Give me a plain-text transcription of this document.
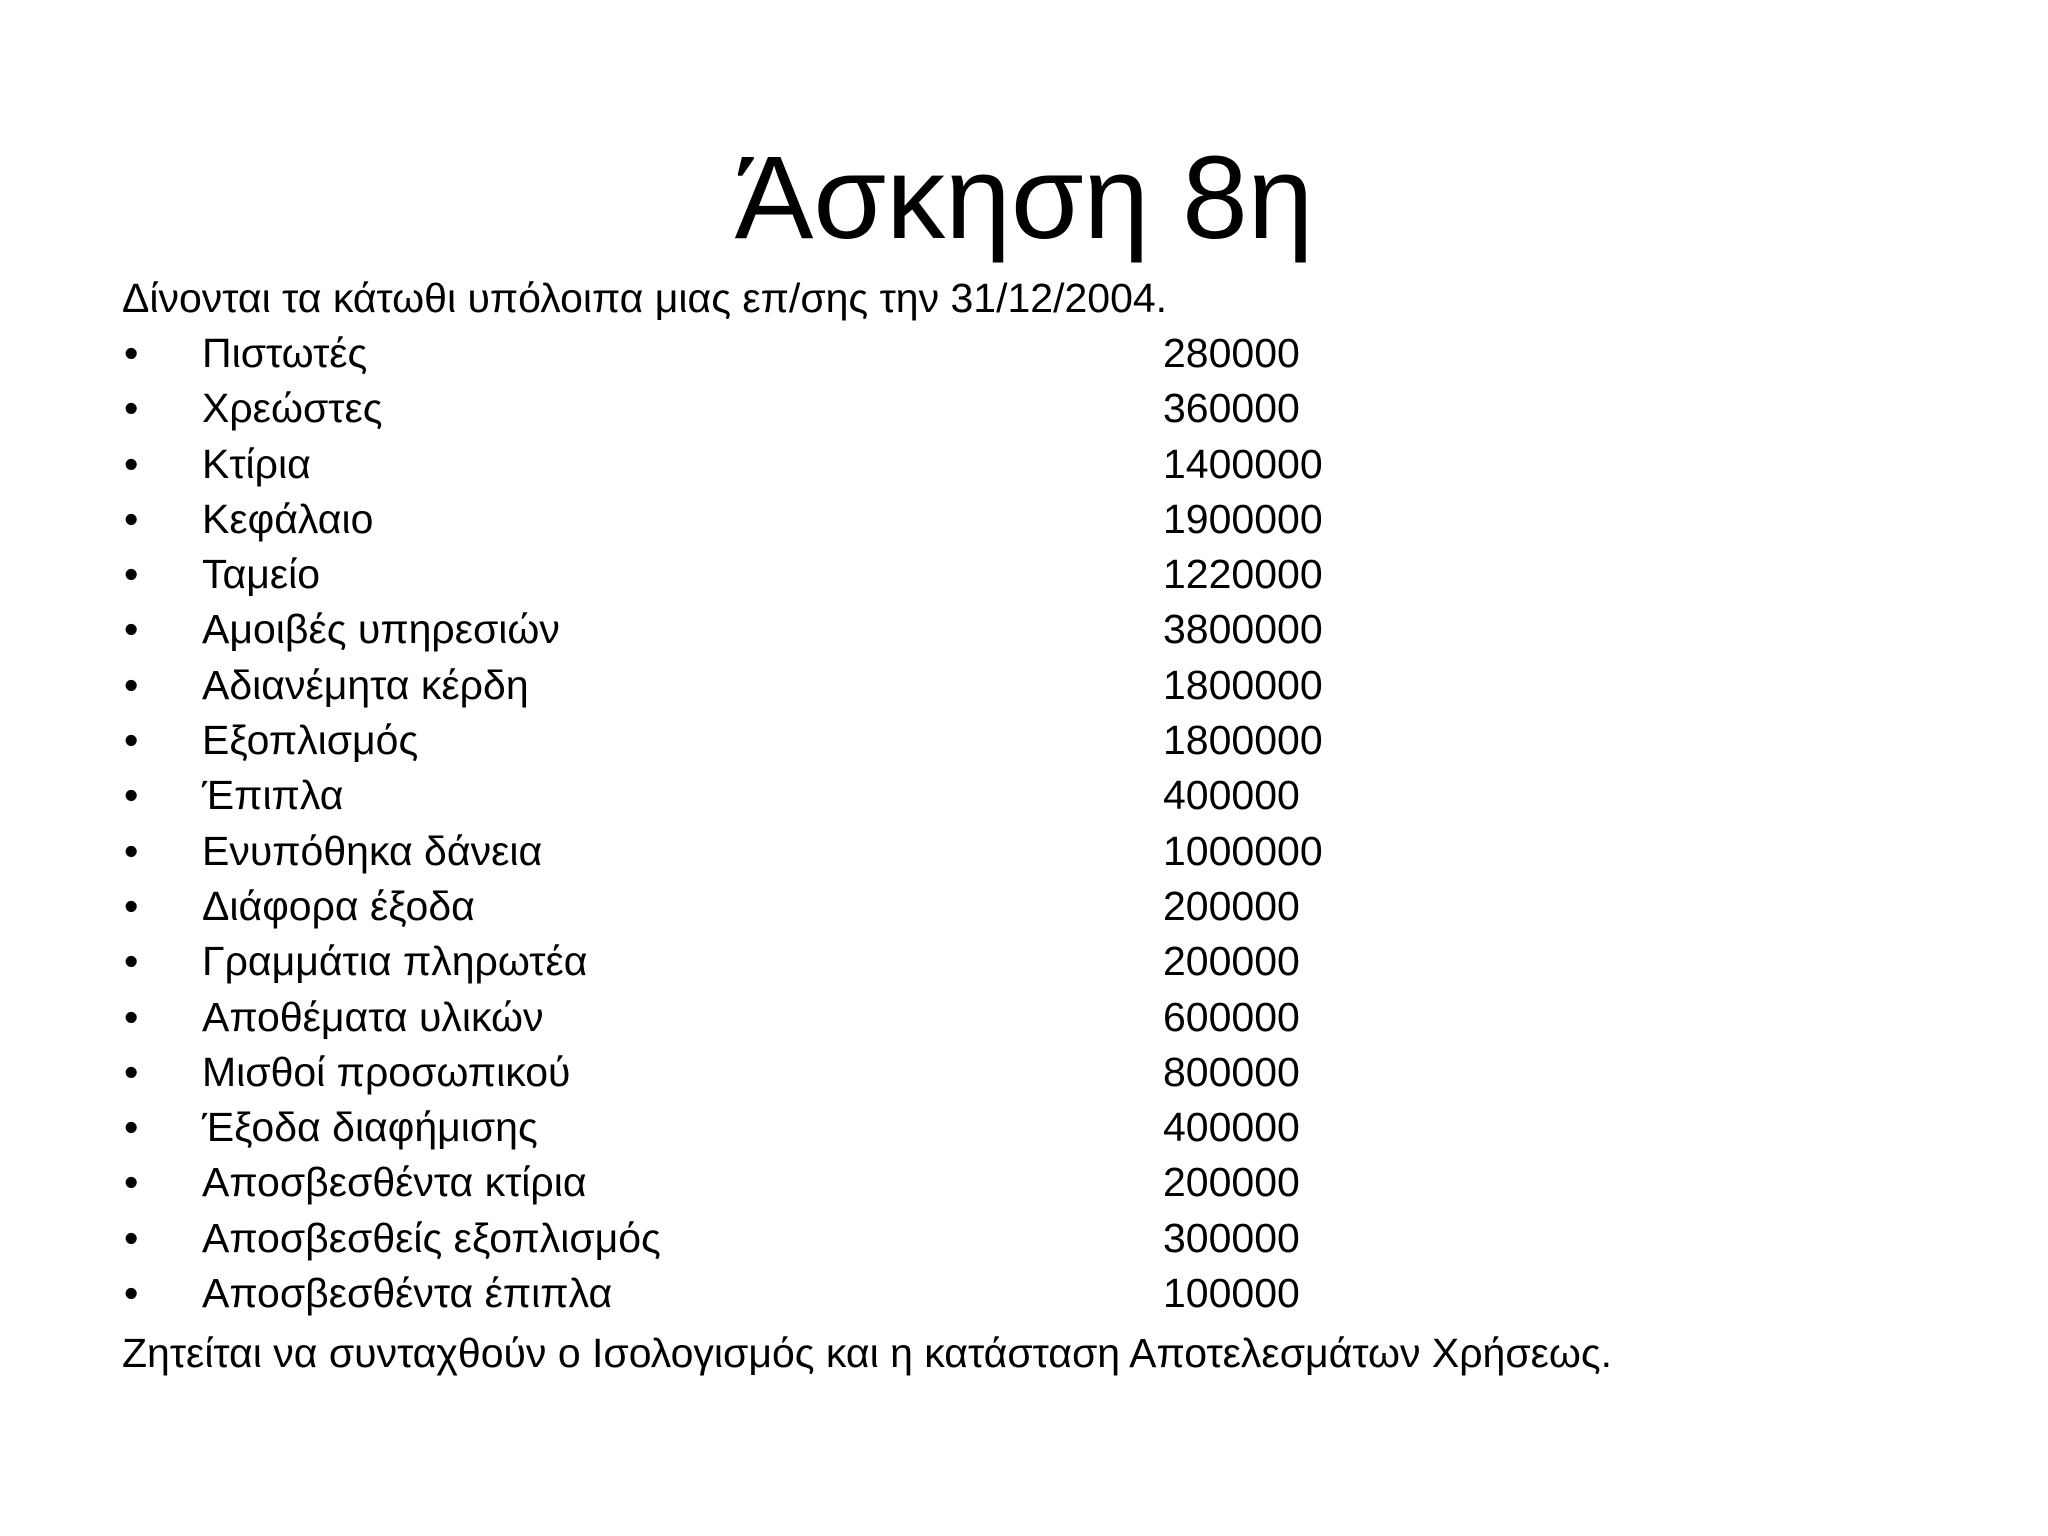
Άσκηση 8η
Δίνονται τα κάτωθι υπόλοιπα μιας επ/σης την 31/12/2004.
• Πιστωτές	280000
• Χρεώστες	360000
• Κτίρια	1400000
• Κεφάλαιο	1900000
• Ταμείο	1220000
• Αμοιβές υπηρεσιών	3800000
• Αδιανέμητα κέρδη	1800000
• Εξοπλισμός	1800000
• Έπιπλα	400000
• Ενυπόθηκα δάνεια	1000000
• Διάφορα έξοδα	200000
• Γραμμάτια πληρωτέα	200000
• Αποθέματα υλικών	600000
• Μισθοί προσωπικού	800000
• Έξοδα διαφήμισης	400000
• Αποσβεσθέντα κτίρια	200000
• Αποσβεσθείς εξοπλισμός	300000
• Αποσβεσθέντα έπιπλα	100000
Ζητείται να συνταχθούν ο Ισολογισμός και η κατάσταση Αποτελεσμάτων Χρήσεως.
